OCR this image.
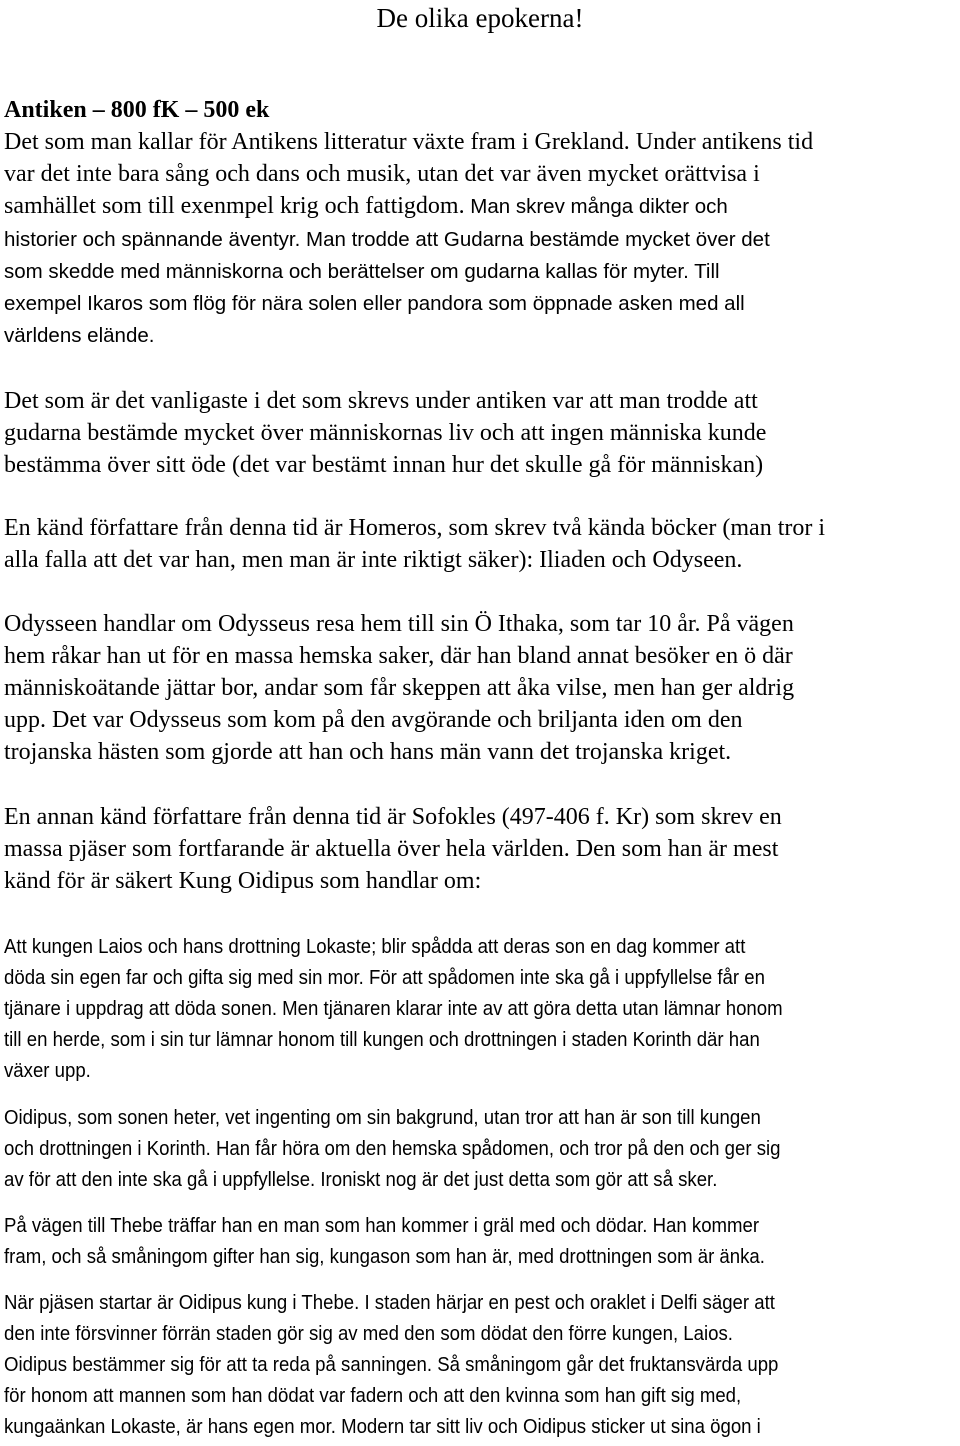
De olika epokerna!
Antiken – 800 fK – 500 ek
Det som man kallar för Antikens litteratur växte fram i Grekland. Under antikens tid
var det inte bara sång och dans och musik, utan det var även mycket orättvisa i
samhället som till exenmpel krig och fattigdom. Man skrev många dikter och
historier och spännande äventyr. Man trodde att Gudarna bestämde mycket över det
som skedde med människorna och berättelser om gudarna kallas för myter. Till
exempel Ikaros som flög för nära solen eller pandora som öppnade asken med all
världens elände.
Det som är det vanligaste i det som skrevs under antiken var att man trodde att
gudarna bestämde mycket över människornas liv och att ingen människa kunde
bestämma över sitt öde (det var bestämt innan hur det skulle gå för människan)
En känd författare från denna tid är Homeros, som skrev två kända böcker (man tror i
alla falla att det var han, men man är inte riktigt säker): Iliaden och Odyseen.
Odysseen handlar om Odysseus resa hem till sin Ö Ithaka, som tar 10 år. På vägen
hem råkar han ut för en massa hemska saker, där han bland annat besöker en ö där
människoätande jättar bor, andar som får skeppen att åka vilse, men han ger aldrig
upp. Det var Odysseus som kom på den avgörande och briljanta iden om den
trojanska hästen som gjorde att han och hans män vann det trojanska kriget.
En annan känd författare från denna tid är Sofokles (497-406 f. Kr) som skrev en
massa pjäser som fortfarande är aktuella över hela världen. Den som han är mest
känd för är säkert Kung Oidipus som handlar om:
Att kungen Laios och hans drottning Lokaste; blir spådda att deras son en dag kommer att
döda sin egen far och gifta sig med sin mor. För att spådomen inte ska gå i uppfyllelse får en
tjänare i uppdrag att döda sonen. Men tjänaren klarar inte av att göra detta utan lämnar honom
till en herde, som i sin tur lämnar honom till kungen och drottningen i staden Korinth där han
växer upp.
Oidipus, som sonen heter, vet ingenting om sin bakgrund, utan tror att han är son till kungen
och drottningen i Korinth. Han får höra om den hemska spådomen, och tror på den och ger sig
av för att den inte ska gå i uppfyllelse. Ironiskt nog är det just detta som gör att så sker.
På vägen till Thebe träffar han en man som han kommer i gräl med och dödar. Han kommer
fram, och så småningom gifter han sig, kungason som han är, med drottningen som är änka.
När pjäsen startar är Oidipus kung i Thebe. I staden härjar en pest och oraklet i Delfi säger att
den inte försvinner förrän staden gör sig av med den som dödat den förre kungen, Laios.
Oidipus bestämmer sig för att ta reda på sanningen. Så småningom går det fruktansvärda upp
för honom att mannen som han dödat var fadern och att den kvinna som han gift sig med,
kungaänkan Lokaste, är hans egen mor. Modern tar sitt liv och Oidipus sticker ut sina ögon i
